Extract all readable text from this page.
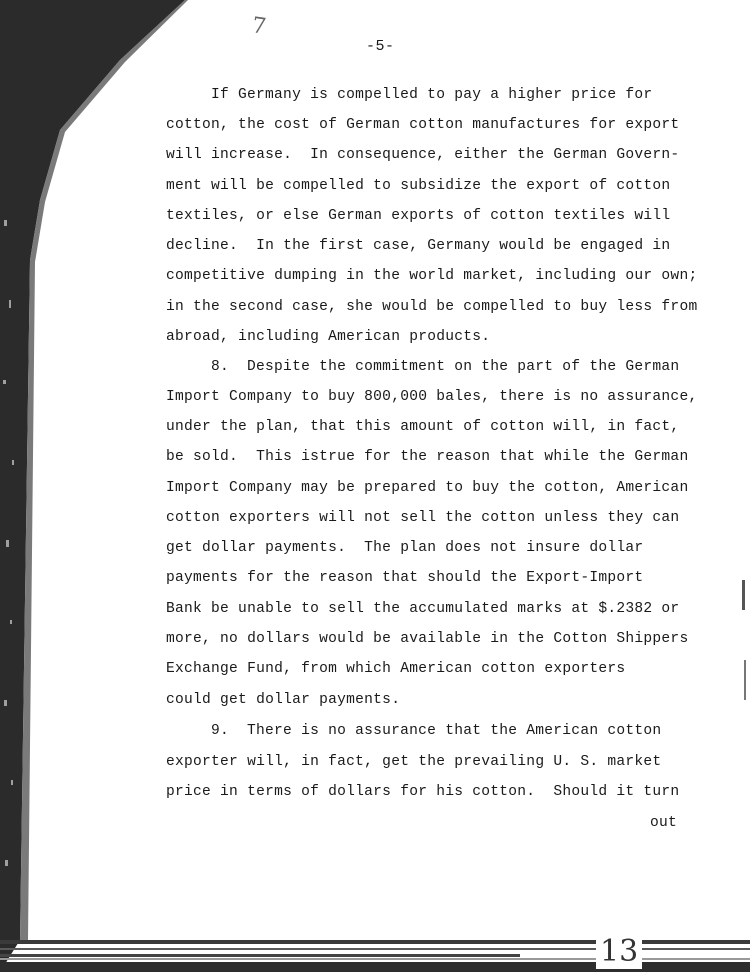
7
13
-5-
If Germany is compelled to pay a higher price for
cotton, the cost of German cotton manufactures for export
will increase.  In consequence, either the German Govern-
ment will be compelled to subsidize the export of cotton
textiles, or else German exports of cotton textiles will
decline.  In the first case, Germany would be engaged in
competitive dumping in the world market, including our own;
in the second case, she would be compelled to buy less from
abroad, including American products.
8.  Despite the commitment on the part of the German
Import Company to buy 800,000 bales, there is no assurance,
under the plan, that this amount of cotton will, in fact,
be sold.  This istrue for the reason that while the German
Import Company may be prepared to buy the cotton, American
cotton exporters will not sell the cotton unless they can
get dollar payments.  The plan does not insure dollar
payments for the reason that should the Export-Import
Bank be unable to sell the accumulated marks at $.2382 or
more, no dollars would be available in the Cotton Shippers
Exchange Fund, from which American cotton exporters
could get dollar payments.
9.  There is no assurance that the American cotton
exporter will, in fact, get the prevailing U. S. market
price in terms of dollars for his cotton.  Should it turn
out
